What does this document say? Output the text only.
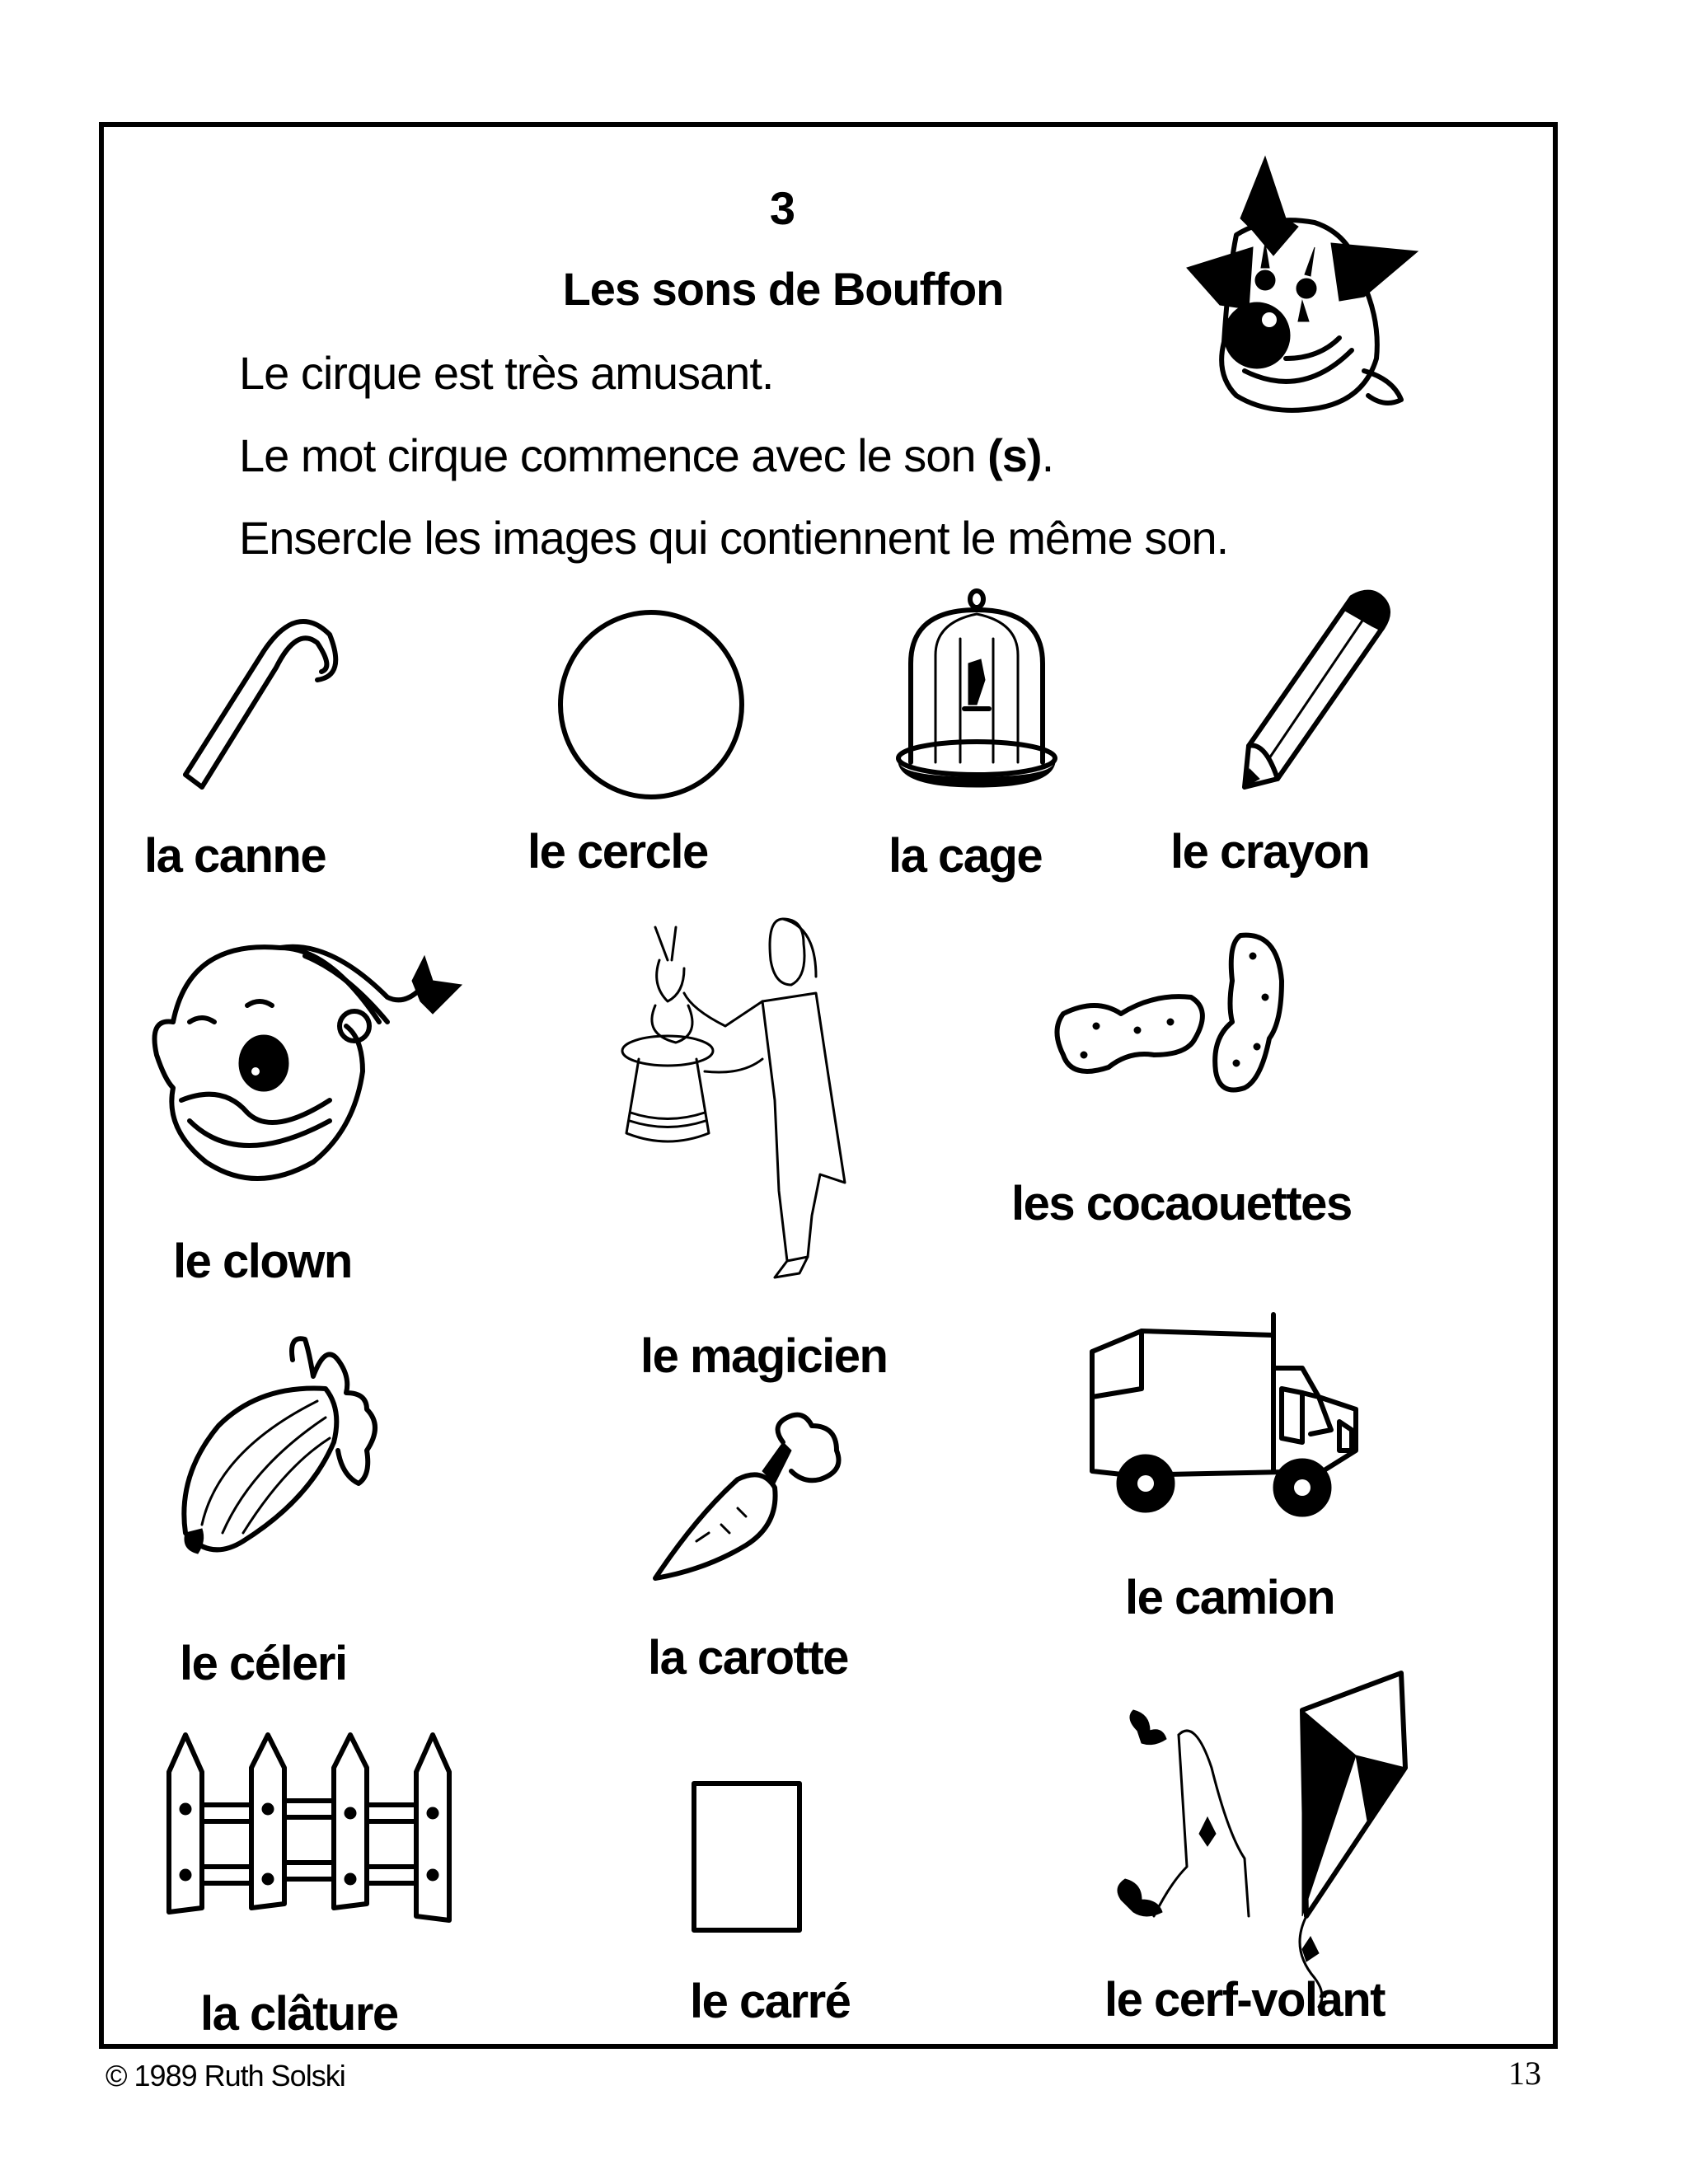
3
Les sons de Bouffon
Le cirque est très amusant.
Le mot cirque commence avec le son (s).
Enserclе les images qui contiennent le même son.
la canne	le cercle	la cage	le crayon
le clown
les cocaouettes
le magicien
le camion
le céleri	la carotte
la clâture	le carré	le cerf-volant
© 1989 Ruth Solski	13
